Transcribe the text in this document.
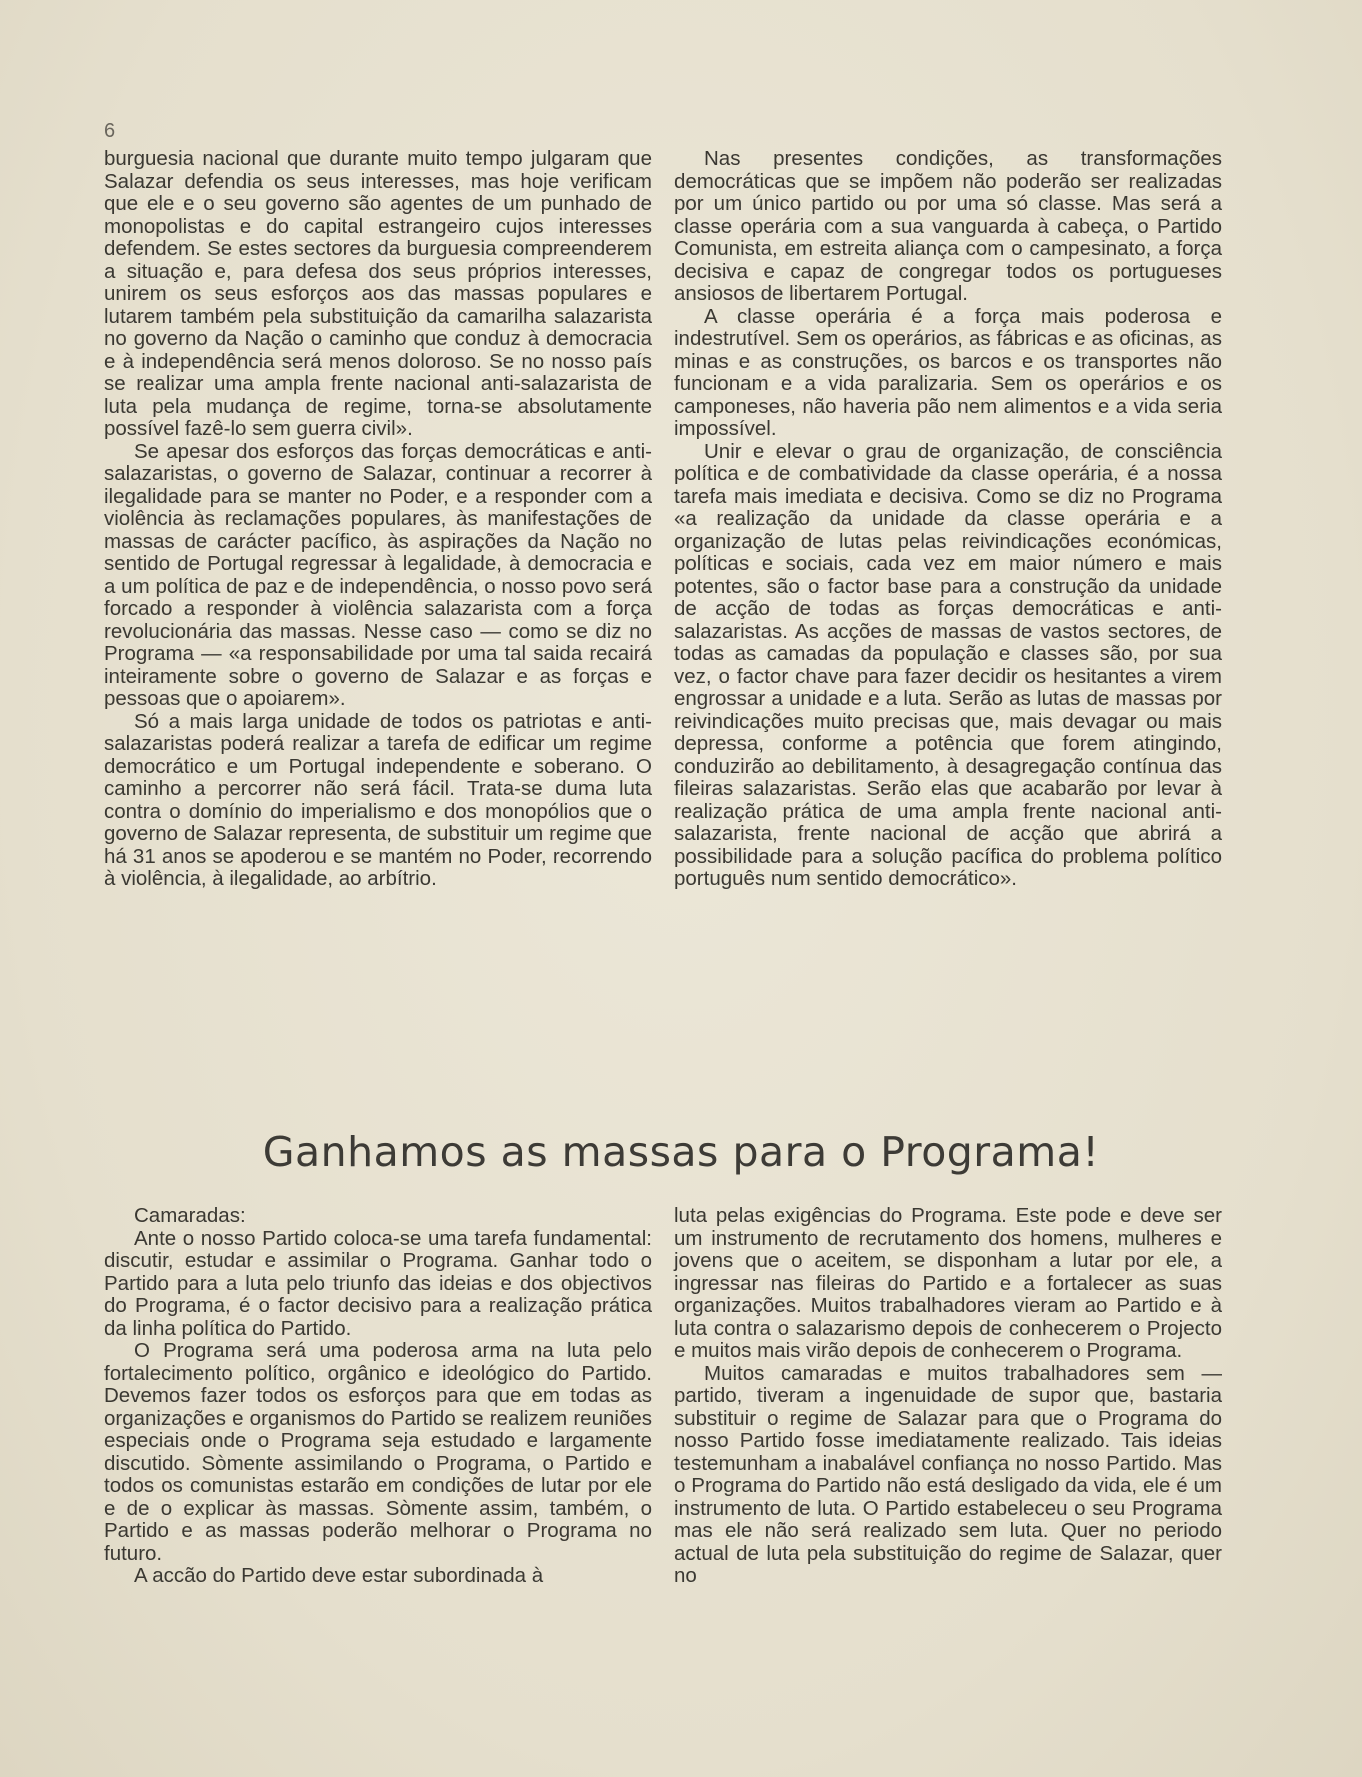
6

burguesia nacional que durante muito tempo julgaram que Salazar defendia os seus interesses, mas hoje verificam que ele e o seu governo são agentes de um punhado de monopolistas e do capital estrangeiro cujos interesses defendem. Se estes sectores da burguesia compreenderem a situação e, para defesa dos seus próprios interesses, unirem os seus esforços aos das massas populares e lutarem também pela substituição da camarilha salazarista no governo da Nação o caminho que conduz à democracia e à independência será menos doloroso. Se no nosso país se realizar uma ampla frente nacional anti-salazarista de luta pela mudança de regime, torna-se absolutamente possível fazê-lo sem guerra civil».

Se apesar dos esforços das forças democráticas e anti-salazaristas, o governo de Salazar, continuar a recorrer à ilegalidade para se manter no Poder, e a responder com a violência às reclamações populares, às manifestações de massas de carácter pacífico, às aspirações da Nação no sentido de Portugal regressar à legalidade, à democracia e a um política de paz e de independência, o nosso povo será forcado a responder à violência salazarista com a força revolucionária das massas. Nesse caso — como se diz no Programa — «a responsabilidade por uma tal saida recairá inteiramente sobre o governo de Salazar e as forças e pessoas que o apoiarem».

Só a mais larga unidade de todos os patriotas e anti-salazaristas poderá realizar a tarefa de edificar um regime democrático e um Portugal independente e soberano. O caminho a percorrer não será fácil. Trata-se duma luta contra o domínio do imperialismo e dos monopólios que o governo de Salazar representa, de substituir um regime que há 31 anos se apoderou e se mantém no Poder, recorrendo à violência, à ilegalidade, ao arbítrio.

Nas presentes condições, as transformações democráticas que se impõem não poderão ser realizadas por um único partido ou por uma só classe. Mas será a classe operária com a sua vanguarda à cabeça, o Partido Comunista, em estreita aliança com o campesinato, a força decisiva e capaz de congregar todos os portugueses ansiosos de libertarem Portugal.

A classe operária é a força mais poderosa e indestrutível. Sem os operários, as fábricas e as oficinas, as minas e as construções, os barcos e os transportes não funcionam e a vida paralizaria. Sem os operários e os camponeses, não haveria pão nem alimentos e a vida seria impossível.

Unir e elevar o grau de organização, de consciência política e de combatividade da classe operária, é a nossa tarefa mais imediata e decisiva. Como se diz no Programa «a realização da unidade da classe operária e a organização de lutas pelas reivindicações económicas, políticas e sociais, cada vez em maior número e mais potentes, são o factor base para a construção da unidade de acção de todas as forças democráticas e anti-salazaristas. As acções de massas de vastos sectores, de todas as camadas da população e classes são, por sua vez, o factor chave para fazer decidir os hesitantes a virem engrossar a unidade e a luta. Serão as lutas de massas por reivindicações muito precisas que, mais devagar ou mais depressa, conforme a potência que forem atingindo, conduzirão ao debilitamento, à desagregação contínua das fileiras salazaristas. Serão elas que acabarão por levar à realização prática de uma ampla frente nacional anti-salazarista, frente nacional de acção que abrirá a possibilidade para a solução pacífica do problema político português num sentido democrático».

Ganhamos as massas para o Programa!

Camaradas:

Ante o nosso Partido coloca-se uma tarefa fundamental: discutir, estudar e assimilar o Programa. Ganhar todo o Partido para a luta pelo triunfo das ideias e dos objectivos do Programa, é o factor decisivo para a realização prática da linha política do Partido.

O Programa será uma poderosa arma na luta pelo fortalecimento político, orgânico e ideológico do Partido. Devemos fazer todos os esforços para que em todas as organizações e organismos do Partido se realizem reuniões especiais onde o Programa seja estudado e largamente discutido. Sòmente assimilando o Programa, o Partido e todos os comunistas estarão em condições de lutar por ele e de o explicar às massas. Sòmente assim, também, o Partido e as massas poderão melhorar o Programa no futuro.

A accão do Partido deve estar subordinada à

luta pelas exigências do Programa. Este pode e deve ser um instrumento de recrutamento dos homens, mulheres e jovens que o aceitem, se disponham a lutar por ele, a ingressar nas fileiras do Partido e a fortalecer as suas organizações. Muitos trabalhadores vieram ao Partido e à luta contra o salazarismo depois de conhecerem o Projecto e muitos mais virão depois de conhecerem o Programa.

Muitos camaradas e muitos trabalhadores sem — partido, tiveram a ingenuidade de supor que, bastaria substituir o regime de Salazar para que o Programa do nosso Partido fosse imediatamente realizado. Tais ideias testemunham a inabalável confiança no nosso Partido. Mas o Programa do Partido não está desligado da vida, ele é um instrumento de luta. O Partido estabeleceu o seu Programa mas ele não será realizado sem luta. Quer no periodo actual de luta pela substituição do regime de Salazar, quer no
